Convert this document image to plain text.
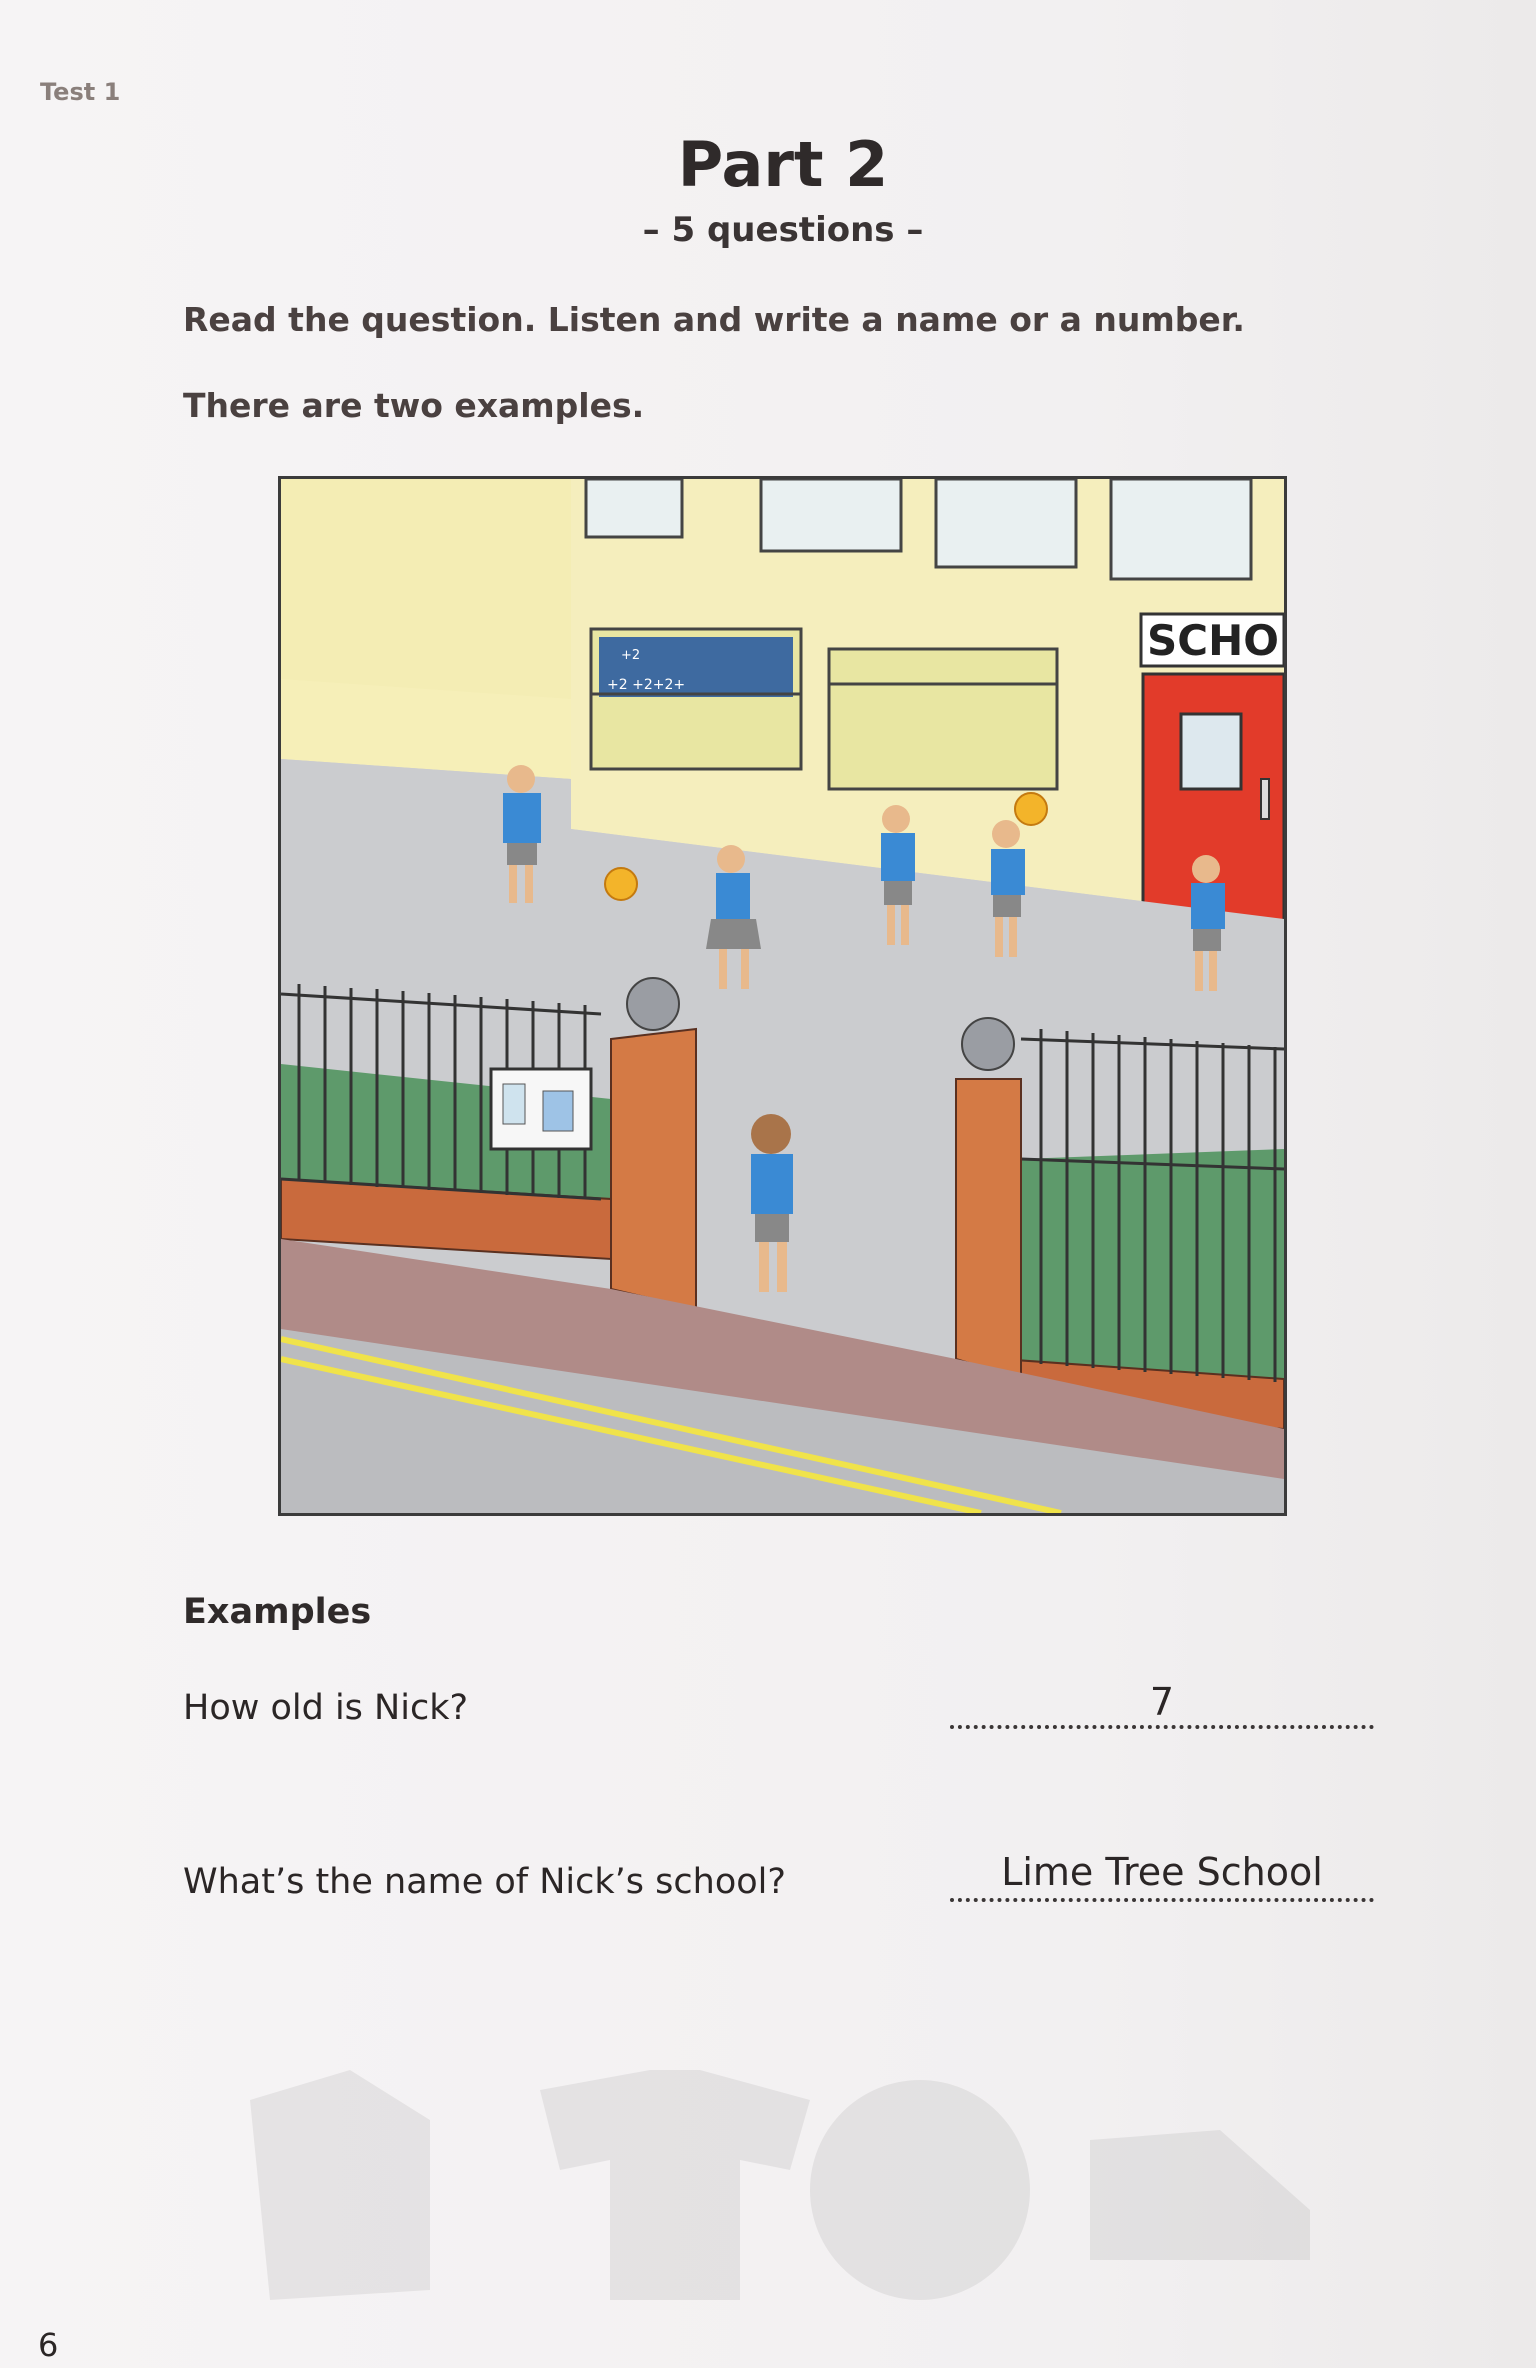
Test 1
Part 2
– 5 questions –
Read the question. Listen and write a name or a number.
There are two examples.
+2
+2 +2+2+
SCHO
Examples
How old is Nick?	7
What’s the name of Nick’s school?	Lime Tree School
6
